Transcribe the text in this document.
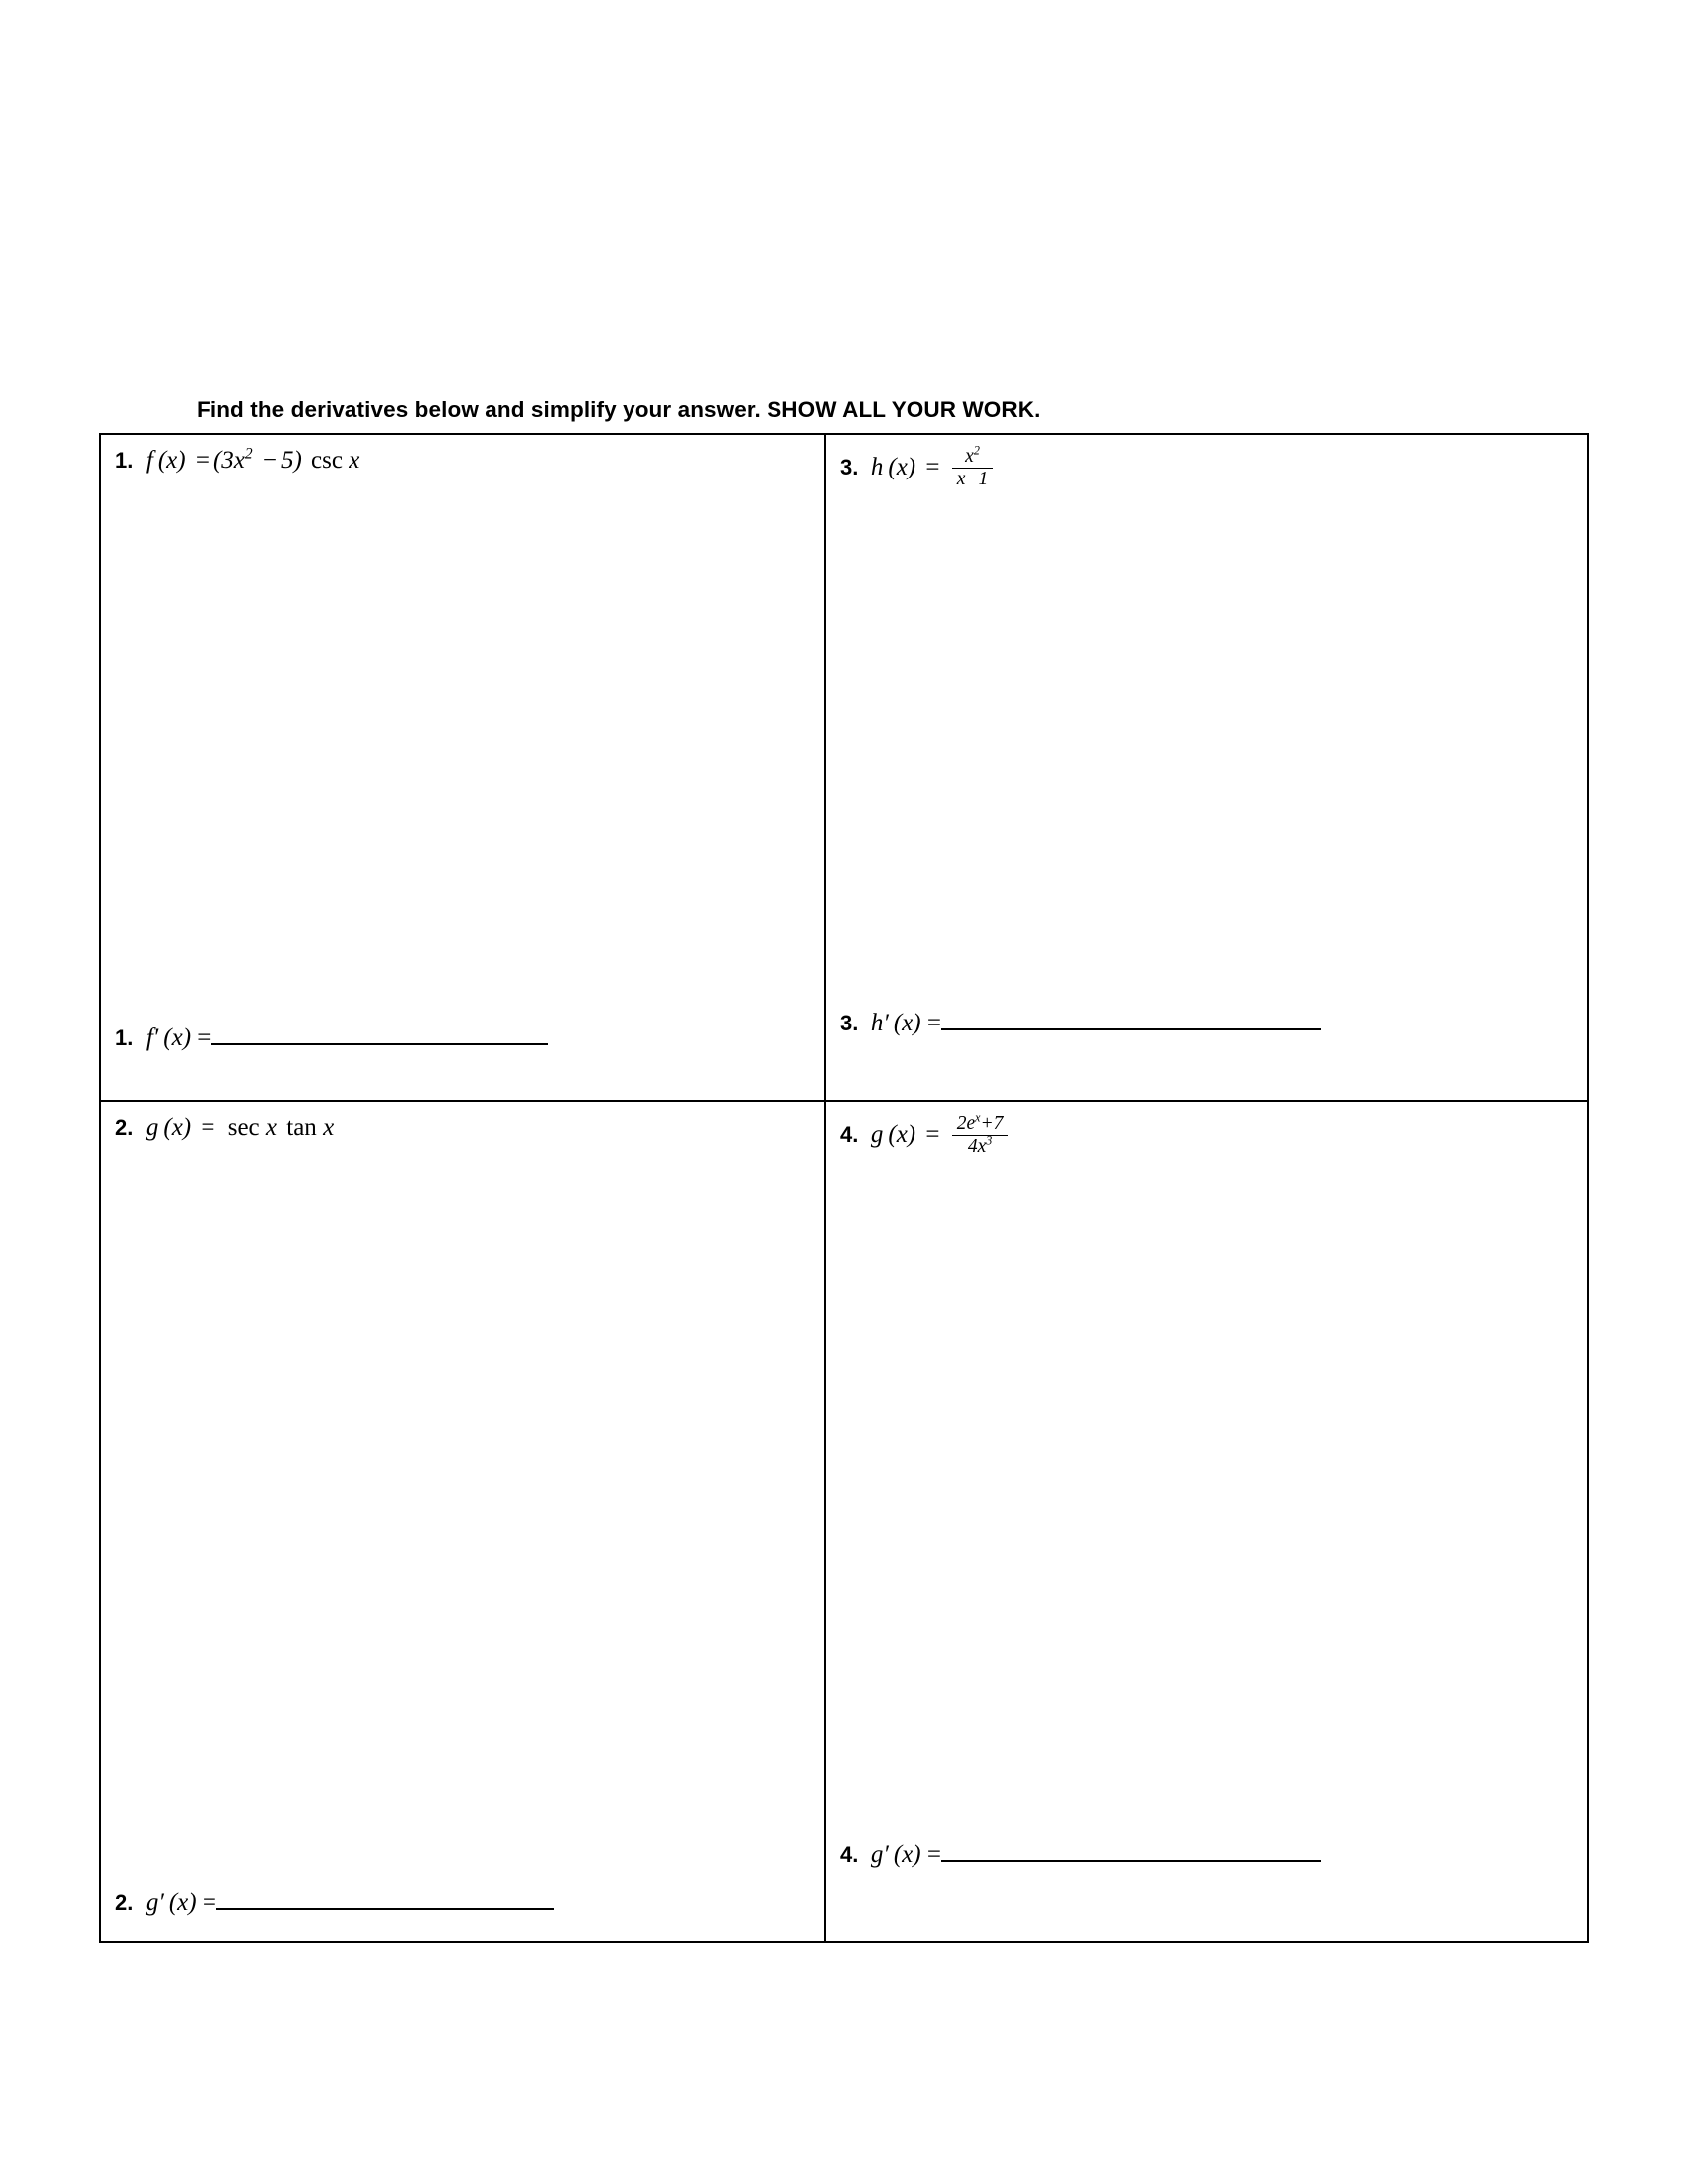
Find the derivatives below and simplify your answer. SHOW ALL YOUR WORK.
1.  f $(x) = (3x^2 - 5)$ csc x
1.  f′ (x) =
3.  h $(x) = \frac{x^2}{x-1}$
3.  h′ (x) =
2.  g (x) = sec x tan x
2.  g′ (x) =
4.  g $(x) = \frac{2e^x+7}{4x^3}$
4.  g′ (x) =
